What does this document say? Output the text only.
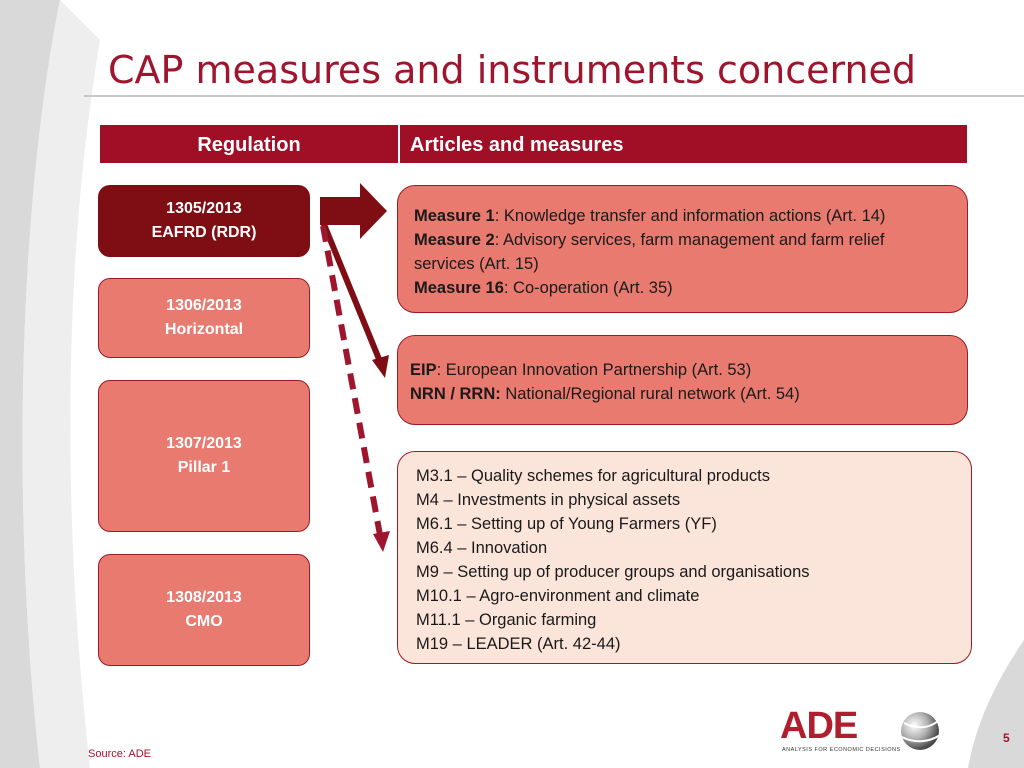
CAP measures and instruments concerned
Regulation	Articles and measures
1305/2013
EAFRD (RDR)
1306/2013
Horizontal
1307/2013
Pillar 1
1308/2013
CMO
Measure 1: Knowledge transfer and information actions (Art. 14)
Measure 2: Advisory services, farm management and farm relief
services (Art. 15)
Measure 16: Co-operation (Art. 35)
EIP: European Innovation Partnership (Art. 53)
NRN / RRN: National/Regional rural network (Art. 54)
M3.1 – Quality schemes for agricultural products
M4 – Investments in physical assets
M6.1 – Setting up of Young Farmers (YF)
M6.4 – Innovation
M9 – Setting up of producer groups and organisations
M10.1 – Agro-environment and climate
M11.1 – Organic farming
M19 – LEADER (Art. 42-44)
Source: ADE
5
ADE
ANALYSIS FOR ECONOMIC DECISIONS
